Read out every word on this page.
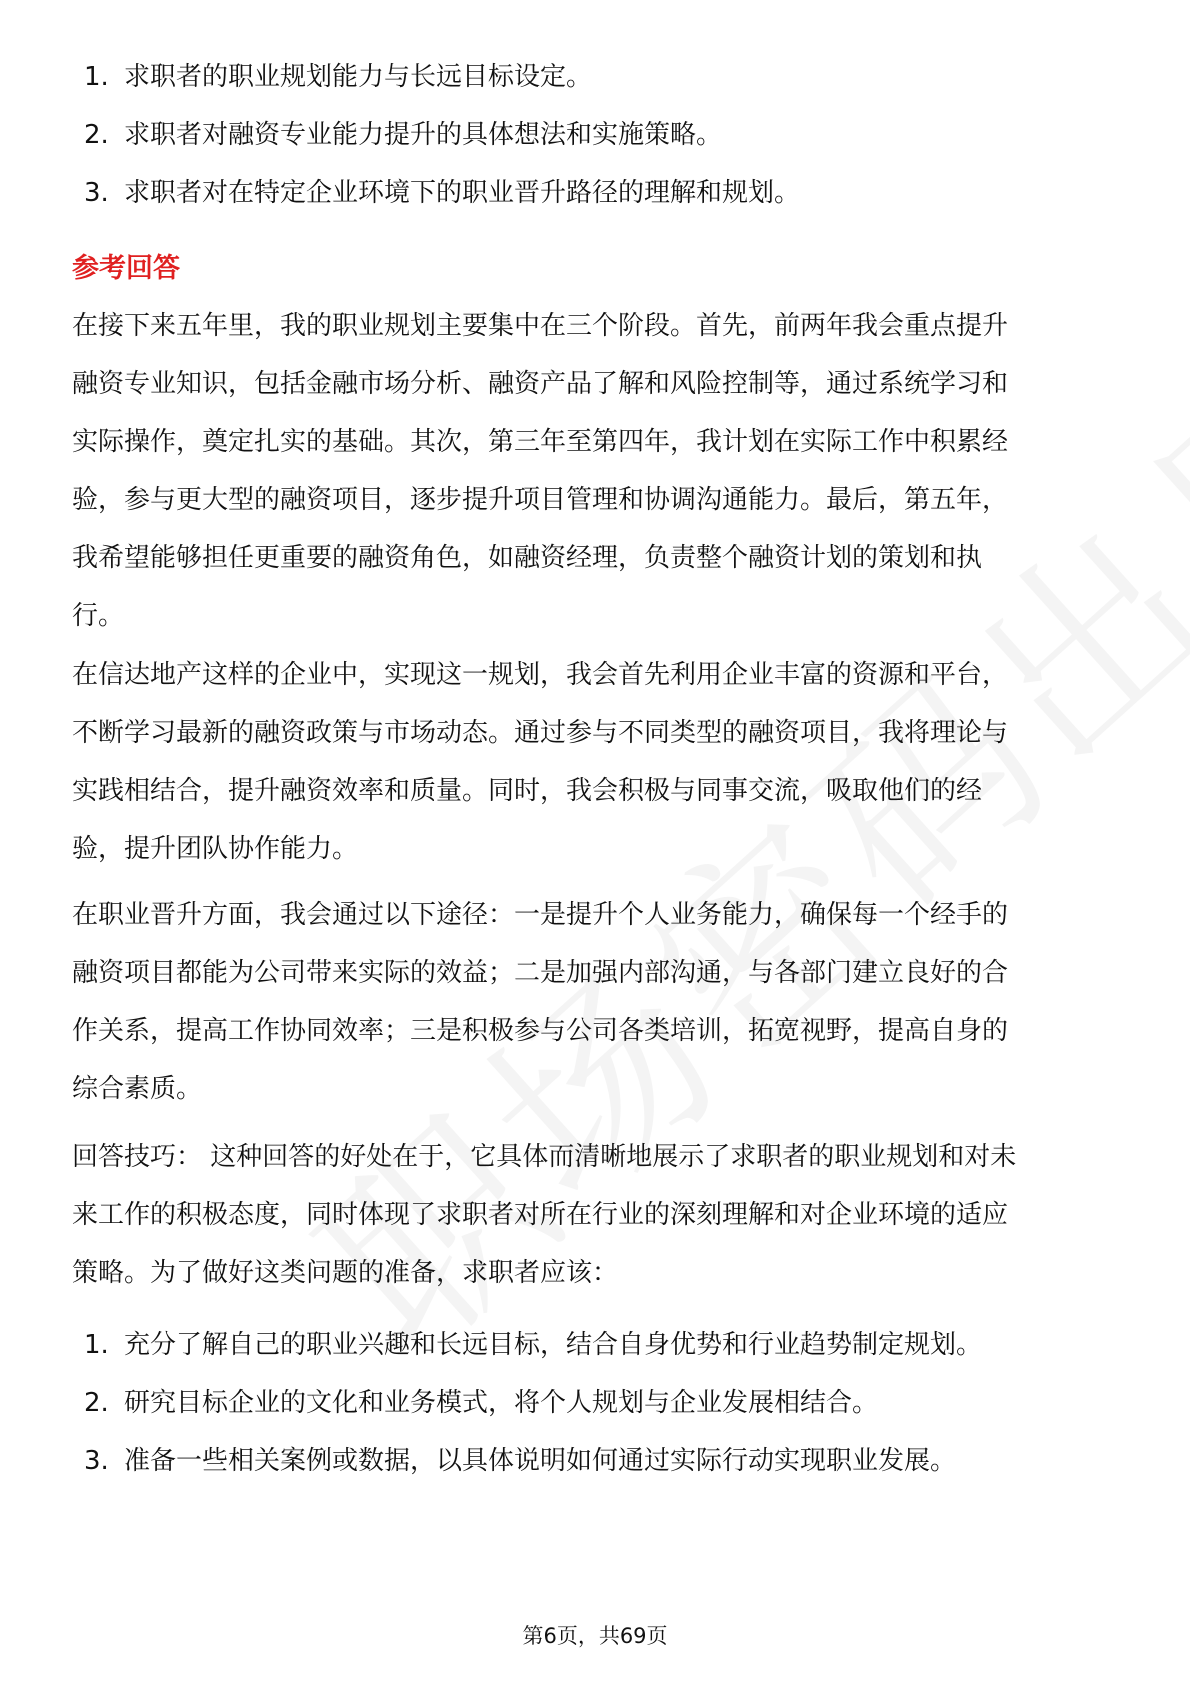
1. 求职者的职业规划能力与长远目标设定。
2. 求职者对融资专业能力提升的具体想法和实施策略。
3. 求职者对在特定企业环境下的职业晋升路径的理解和规划。
参考回答
在接下来五年里，我的职业规划主要集中在三个阶段。首先，前两年我会重点提升
融资专业知识，包括金融市场分析、融资产品了解和风险控制等，通过系统学习和
实际操作，奠定扎实的基础。其次，第三年至第四年，我计划在实际工作中积累经
验，参与更大型的融资项目，逐步提升项目管理和协调沟通能力。最后，第五年，
我希望能够担任更重要的融资角色，如融资经理，负责整个融资计划的策划和执
行。
在信达地产这样的企业中，实现这一规划，我会首先利用企业丰富的资源和平台，
不断学习最新的融资政策与市场动态。通过参与不同类型的融资项目，我将理论与
实践相结合，提升融资效率和质量。同时，我会积极与同事交流，吸取他们的经
验，提升团队协作能力。
在职业晋升方面，我会通过以下途径：一是提升个人业务能力，确保每一个经手的
融资项目都能为公司带来实际的效益；二是加强内部沟通，与各部门建立良好的合
作关系，提高工作协同效率；三是积极参与公司各类培训，拓宽视野，提高自身的
综合素质。
回答技巧： 这种回答的好处在于，它具体而清晰地展示了求职者的职业规划和对未
来工作的积极态度，同时体现了求职者对所在行业的深刻理解和对企业环境的适应
策略。为了做好这类问题的准备，求职者应该：
1. 充分了解自己的职业兴趣和长远目标，结合自身优势和行业趋势制定规划。
2. 研究目标企业的文化和业务模式，将个人规划与企业发展相结合。
3. 准备一些相关案例或数据，以具体说明如何通过实际行动实现职业发展。
第6页，共69页
